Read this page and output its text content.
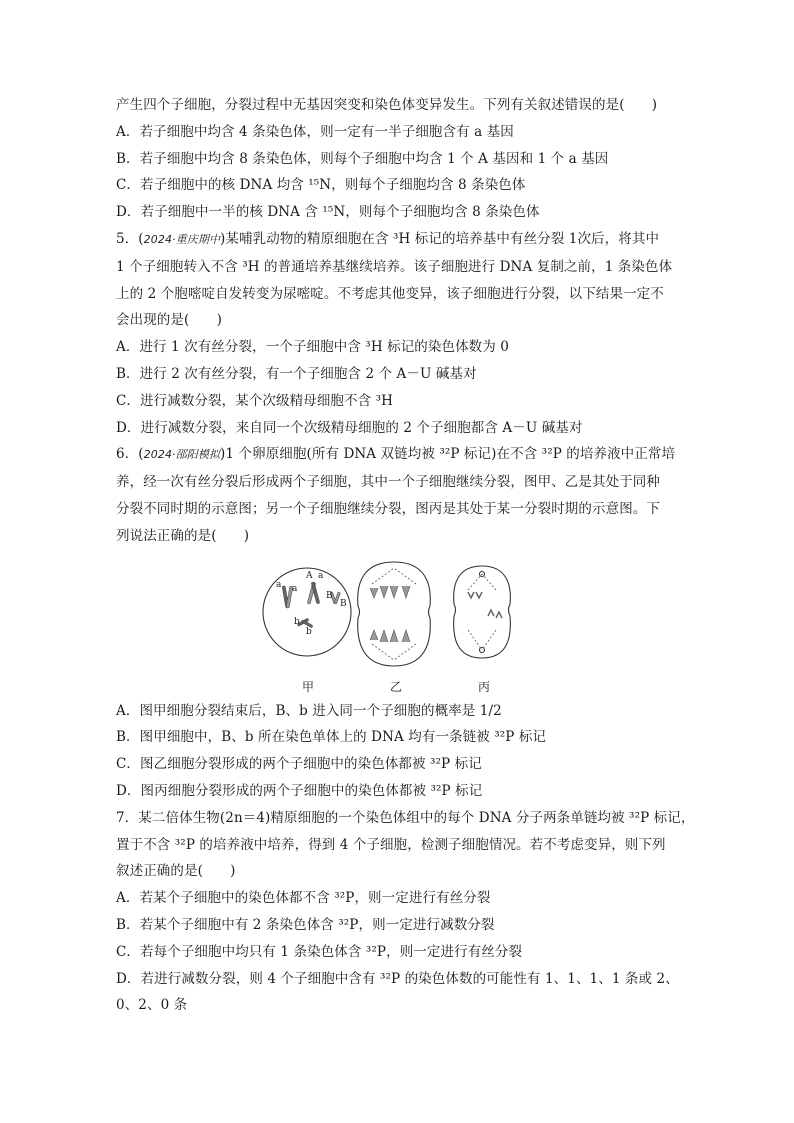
产生四个子细胞，分裂过程中无基因突变和染色体变异发生。下列有关叙述错误的是(　　)
A．若子细胞中均含 4 条染色体，则一定有一半子细胞含有 a 基因
B．若子细胞中均含 8 条染色体，则每个子细胞中均含 1 个 A 基因和 1 个 a 基因
C．若子细胞中的核 DNA 均含 ¹⁵N，则每个子细胞均含 8 条染色体
D．若子细胞中一半的核 DNA 含 ¹⁵N，则每个子细胞均含 8 条染色体
5．(2024·重庆期中)某哺乳动物的精原细胞在含 ³H 标记的培养基中有丝分裂 1次后，将其中
1 个子细胞转入不含 ³H 的普通培养基继续培养。该子细胞进行 DNA 复制之前，1 条染色体
上的 2 个胞嘧啶自发转变为尿嘧啶。不考虑其他变异，该子细胞进行分裂，以下结果一定不
会出现的是(　　)
A．进行 1 次有丝分裂，一个子细胞中含 ³H 标记的染色体数为 0
B．进行 2 次有丝分裂，有一个子细胞含 2 个 A－U 碱基对
C．进行减数分裂，某个次级精母细胞不含 ³H
D．进行减数分裂，来自同一个次级精母细胞的 2 个子细胞都含 A－U 碱基对
6．(2024·邵阳模拟)1 个卵原细胞(所有 DNA 双链均被 ³²P 标记)在不含 ³²P 的培养液中正常培
养，经一次有丝分裂后形成两个子细胞，其中一个子细胞继续分裂，图甲、乙是其处于同种
分裂不同时期的示意图；另一个子细胞继续分裂，图丙是其处于某一分裂时期的示意图。下
列说法正确的是(　　)
a a
A a
B
B
b
b
甲	乙	丙
A．图甲细胞分裂结束后，B、b 进入同一个子细胞的概率是 1/2
B．图甲细胞中，B、b 所在染色单体上的 DNA 均有一条链被 ³²P 标记
C．图乙细胞分裂形成的两个子细胞中的染色体都被 ³²P 标记
D．图丙细胞分裂形成的两个子细胞中的染色体都被 ³²P 标记
7．某二倍体生物(2n＝4)精原细胞的一个染色体组中的每个 DNA 分子两条单链均被 ³²P 标记，
置于不含 ³²P 的培养液中培养，得到 4 个子细胞，检测子细胞情况。若不考虑变异，则下列
叙述正确的是(　　)
A．若某个子细胞中的染色体都不含 ³²P，则一定进行有丝分裂
B．若某个子细胞中有 2 条染色体含 ³²P，则一定进行减数分裂
C．若每个子细胞中均只有 1 条染色体含 ³²P，则一定进行有丝分裂
D．若进行减数分裂，则 4 个子细胞中含有 ³²P 的染色体数的可能性有 1、1、1、1 条或 2、
0、2、0 条
